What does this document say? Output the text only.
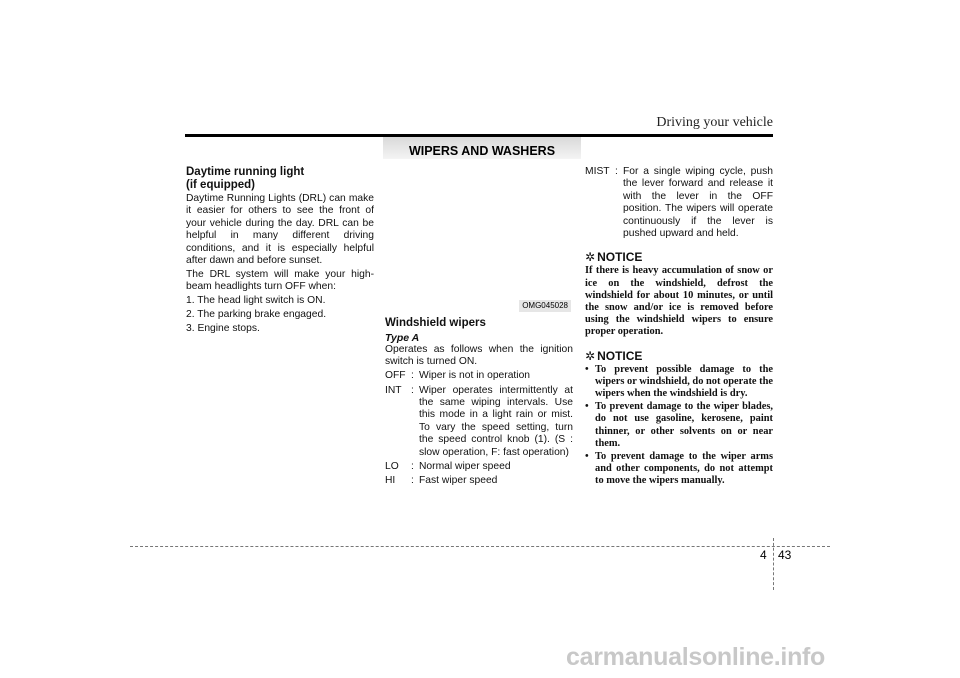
Driving your vehicle
WIPERS AND WASHERS
Daytime running light
(if equipped)
Daytime Running Lights (DRL) can make it easier for others to see the front of your vehicle during the day. DRL can be helpful in many different driving conditions, and it is especially helpful after dawn and before sunset.
The DRL system will make your high-beam headlights turn OFF when:
1. The head light switch is ON.
2. The parking brake engaged.
3. Engine stops.
OMG045028
Windshield wipers
Type A
Operates as follows when the ignition switch is turned ON.
OFF : Wiper is not in operation
INT : Wiper operates intermittently at the same wiping intervals. Use this mode in a light rain or mist. To vary the speed setting, turn the speed control knob (1). (S : slow operation, F: fast operation)
LO	: Normal wiper speed
HI	: Fast wiper speed
MIST : For a single wiping cycle, push the lever forward and release it with the lever in the OFF position. The wipers will operate continuously if the lever is pushed upward and held.
✲ NOTICE
If there is heavy accumulation of snow or ice on the windshield, defrost the windshield for about 10 minutes, or until the snow and/or ice is removed before using the windshield wipers to ensure proper operation.
✲ NOTICE
• To prevent possible damage to the wipers or windshield, do not operate the wipers when the windshield is dry.
• To prevent damage to the wiper blades, do not use gasoline, kerosene, paint thinner, or other solvents on or near them.
• To prevent damage to the wiper arms and other components, do not attempt to move the wipers manually.
4 43
carmanualsonline.info
